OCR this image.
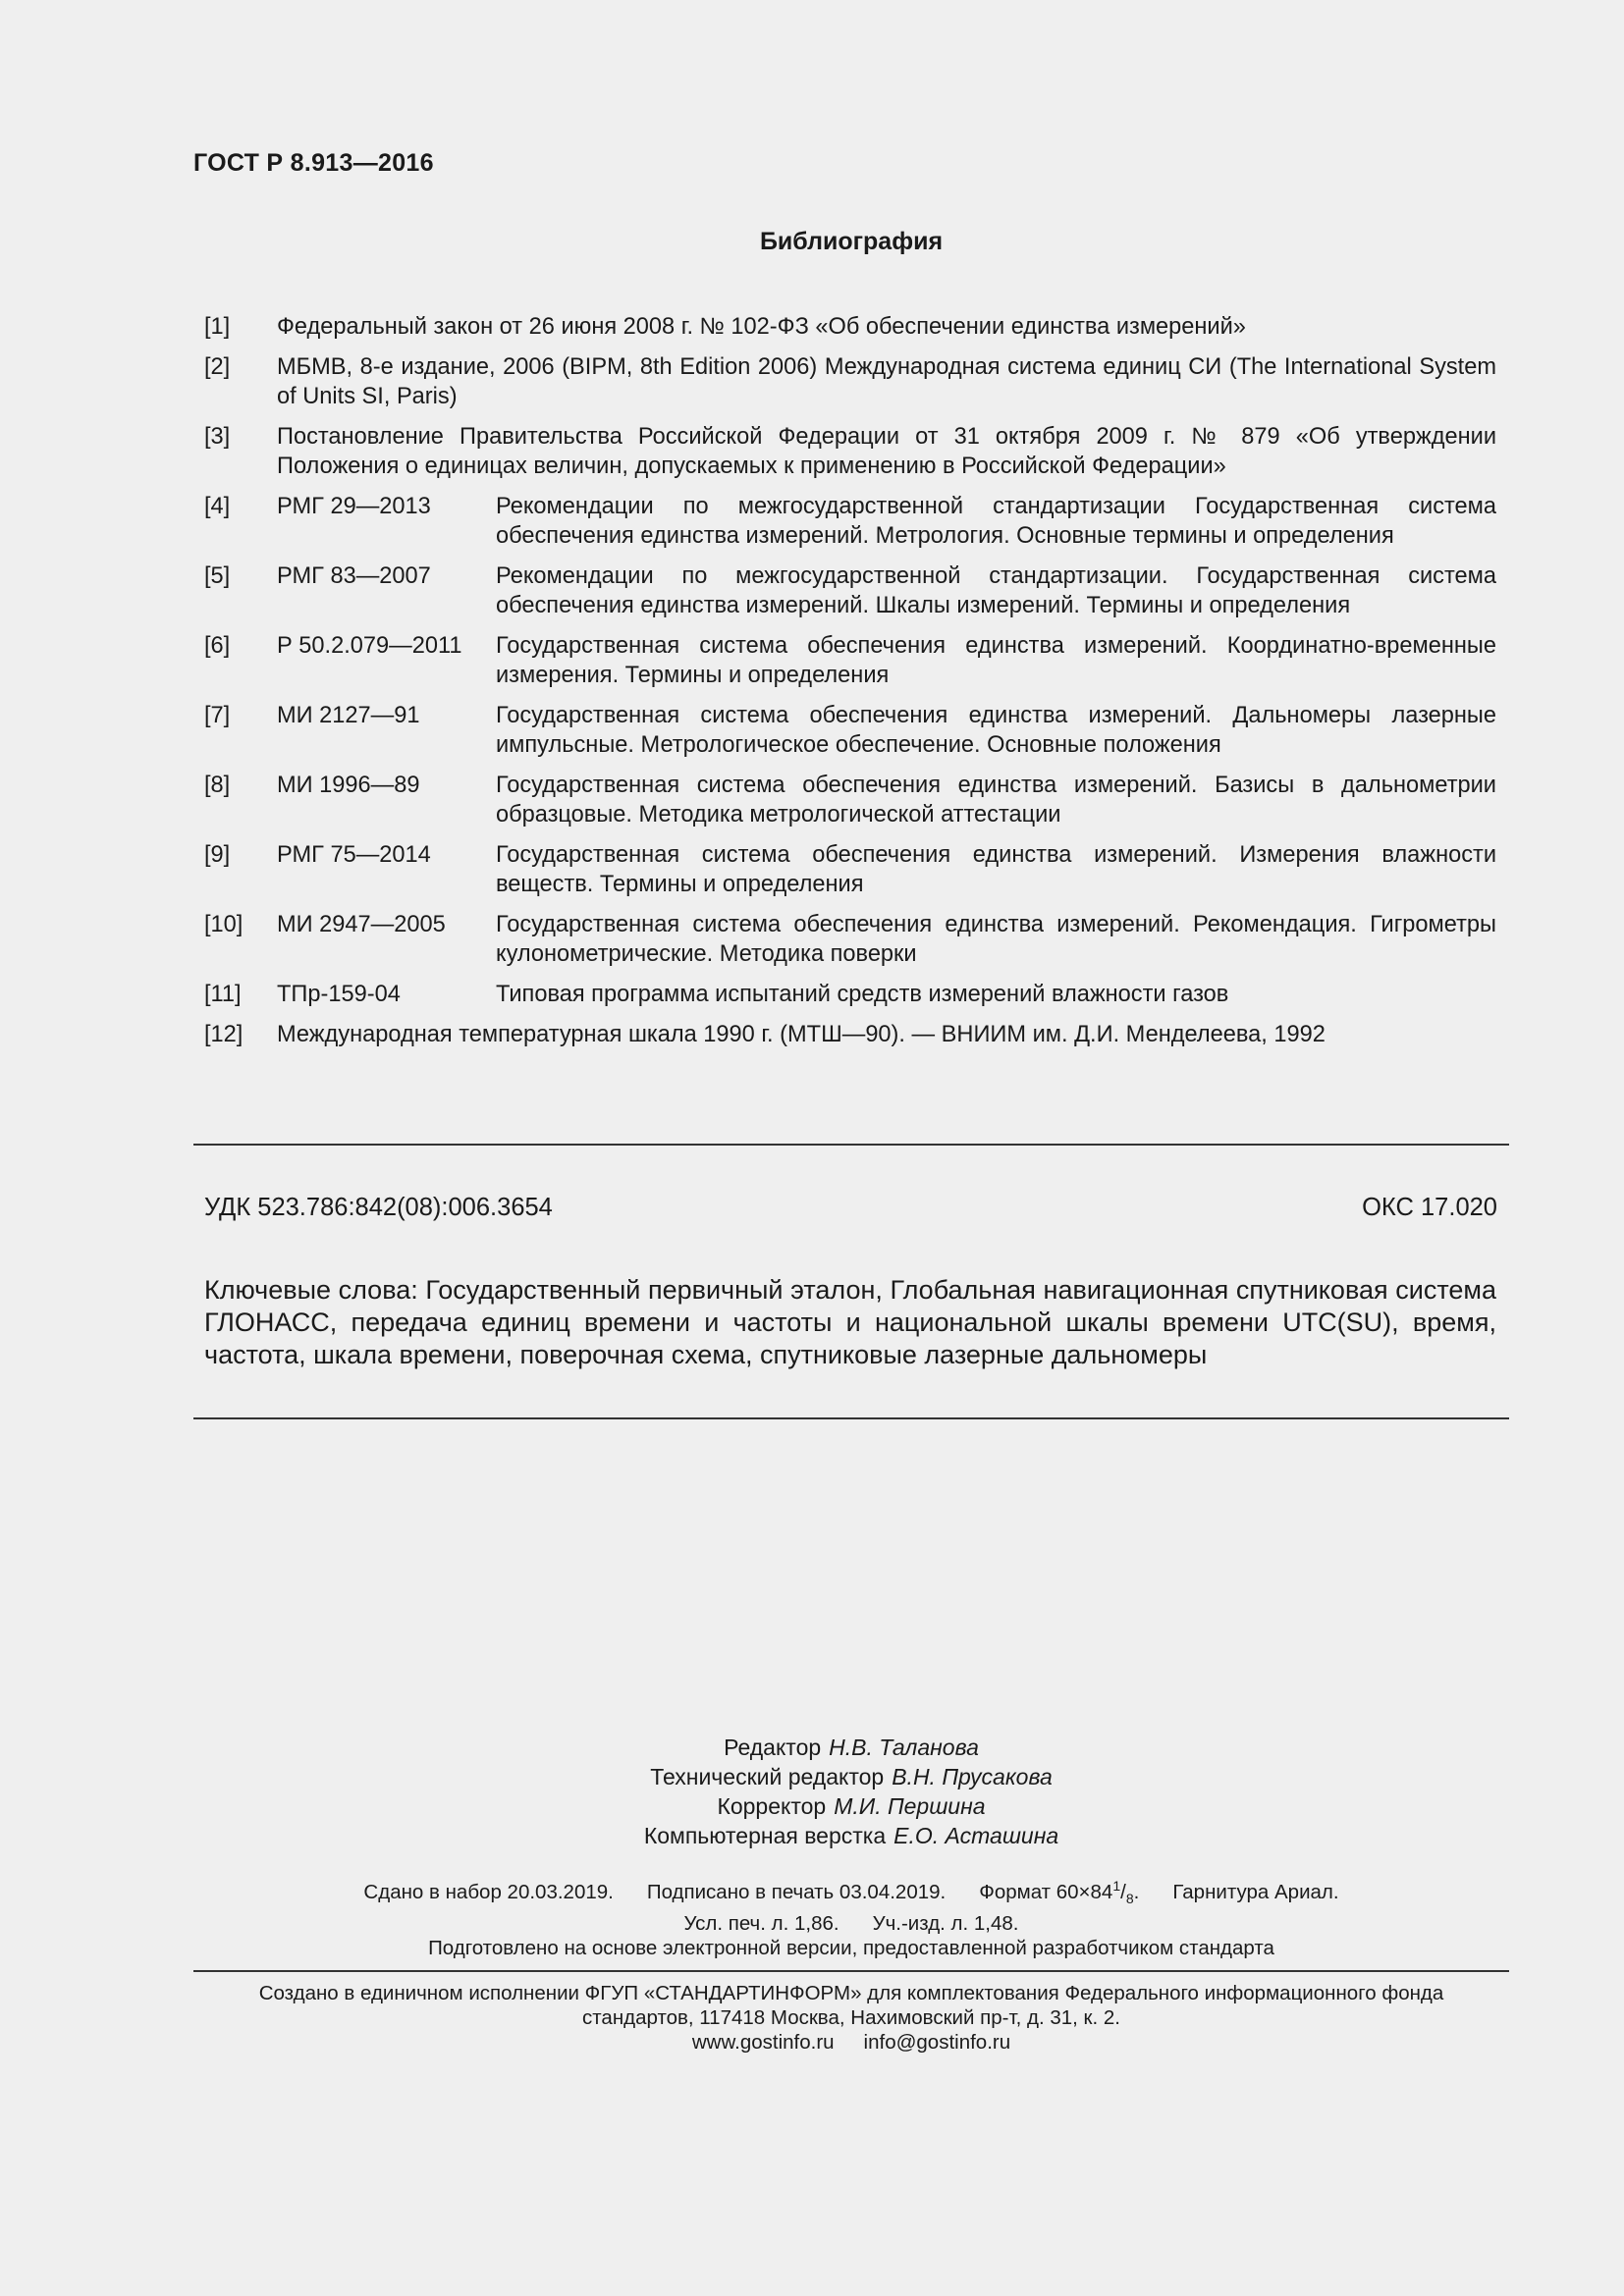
ГОСТ Р 8.913—2016
Библиография
[1]	Федеральный закон от 26 июня 2008 г. № 102-ФЗ «Об обеспечении единства измерений»
[2]	МБМВ, 8-е издание, 2006 (BIPM, 8th Edition 2006) Международная система единиц СИ (The International System of Units SI, Paris)
[3]	Постановление Правительства Российской Федерации от 31 октября 2009 г. № 879 «Об утверждении Положения о единицах величин, допускаемых к применению в Российской Федерации»
[4]	РМГ 29—2013	Рекомендации по межгосударственной стандартизации Государственная система обеспечения единства измерений. Метрология. Основные термины и определения
[5]	РМГ 83—2007	Рекомендации по межгосударственной стандартизации. Государственная система обеспечения единства измерений. Шкалы измерений. Термины и определения
[6]	Р 50.2.079—2011	Государственная система обеспечения единства измерений. Координатно-временные измерения. Термины и определения
[7]	МИ 2127—91	Государственная система обеспечения единства измерений. Дальномеры лазерные импульсные. Метрологическое обеспечение. Основные положения
[8]	МИ 1996—89	Государственная система обеспечения единства измерений. Базисы в дальнометрии образцовые. Методика метрологической аттестации
[9]	РМГ 75—2014	Государственная система обеспечения единства измерений. Измерения влажности веществ. Термины и определения
[10]	МИ 2947—2005	Государственная система обеспечения единства измерений. Рекомендация. Гигрометры кулонометрические. Методика поверки
[11]	ТПр-159-04	Типовая программа испытаний средств измерений влажности газов
[12]	Международная температурная шкала 1990 г. (МТШ—90). — ВНИИМ им. Д.И. Менделеева, 1992
УДК 523.786:842(08):006.3654	ОКС 17.020
Ключевые слова: Государственный первичный эталон, Глобальная навигационная спутниковая система ГЛОНАСС, передача единиц времени и частоты и национальной шкалы времени UTC(SU), время, частота, шкала времени, поверочная схема, спутниковые лазерные дальномеры
Редактор Н.В. Таланова
Технический редактор В.Н. Прусакова
Корректор М.И. Першина
Компьютерная верстка Е.О. Асташина
Сдано в набор 20.03.2019. Подписано в печать 03.04.2019. Формат $60\times 84^1/_8$. Гарнитура Ариал.
Усл. печ. л. 1,86. Уч.-изд. л. 1,48.
Подготовлено на основе электронной версии, предоставленной разработчиком стандарта
Создано в единичном исполнении ФГУП «СТАНДАРТИНФОРМ» для комплектования Федерального информационного фонда
стандартов, 117418 Москва, Нахимовский пр-т, д. 31, к. 2.
www.gostinfo.ru info@gostinfo.ru
